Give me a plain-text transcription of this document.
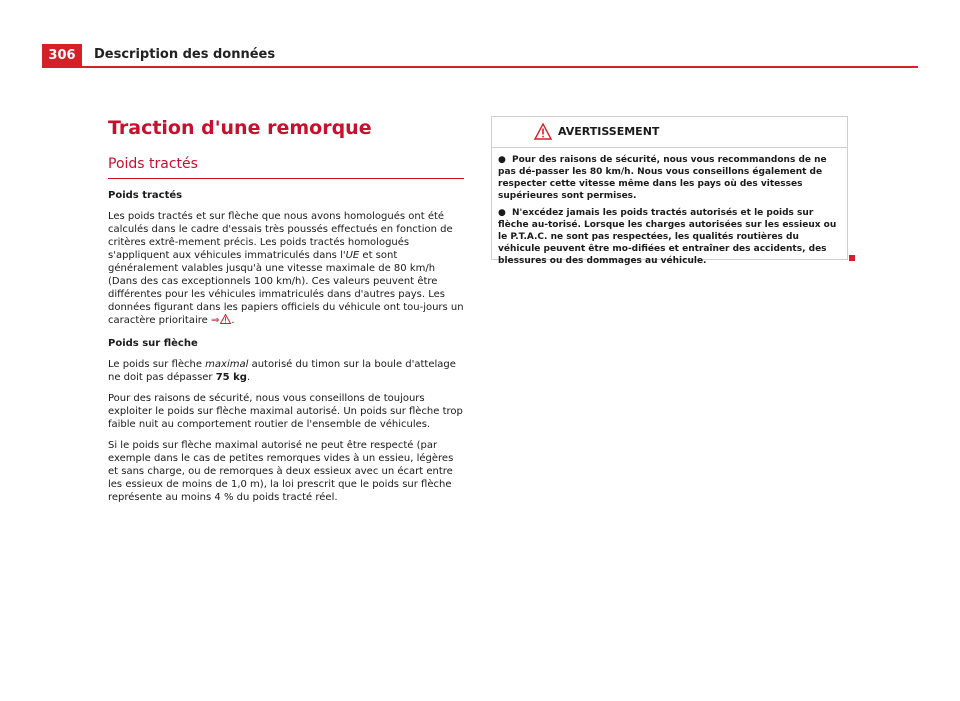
306	Description des données
Traction d'une remorque
Poids tractés

Poids tractés

Les poids tractés et sur flèche que nous avons homologués ont été calculés dans le cadre d'essais très poussés effectués en fonction de critères extrê-mement précis. Les poids tractés homologués s'appliquent aux véhicules immatriculés dans l'UE et sont généralement valables jusqu'à une vitesse maximale de 80 km/h (Dans des cas exceptionnels 100 km/h). Ces valeurs peuvent être différentes pour les véhicules immatriculés dans d'autres pays. Les données figurant dans les papiers officiels du véhicule ont tou-jours un caractère prioritaire ⇒  .

Poids sur flèche

Le poids sur flèche maximal autorisé du timon sur la boule d'attelage ne doit pas dépasser 75 kg.

Pour des raisons de sécurité, nous vous conseillons de toujours exploiter le poids sur flèche maximal autorisé. Un poids sur flèche trop faible nuit au comportement routier de l'ensemble de véhicules.

Si le poids sur flèche maximal autorisé ne peut être respecté (par exemple dans le cas de petites remorques vides à un essieu, légères et sans charge, ou de remorques à deux essieux avec un écart entre les essieux de moins de 1,0 m), la loi prescrit que le poids sur flèche représente au moins 4 % du poids tracté réel.

AVERTISSEMENT

● Pour des raisons de sécurité, nous vous recommandons de ne pas dé-passer les 80 km/h. Nous vous conseillons également de respecter cette vitesse même dans les pays où des vitesses supérieures sont permises.

● N'excédez jamais les poids tractés autorisés et le poids sur flèche au-torisé. Lorsque les charges autorisées sur les essieux ou le P.T.A.C. ne sont pas respectées, les qualités routières du véhicule peuvent être mo-difiées et entraîner des accidents, des blessures ou des dommages au véhicule.
